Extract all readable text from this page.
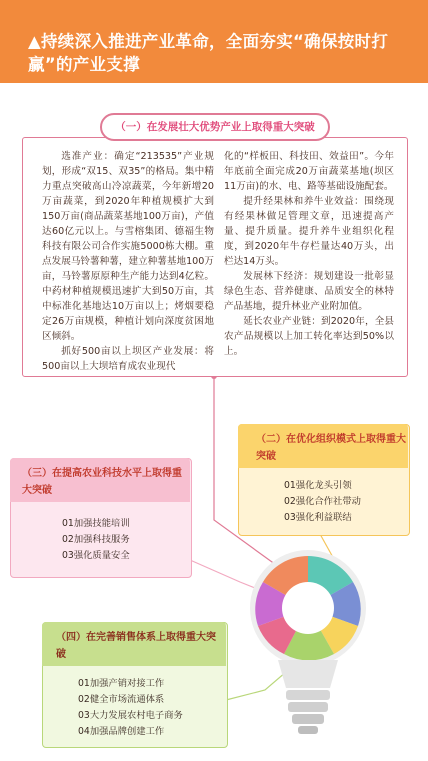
▲持续深入推进产业革命，全面夯实“确保按时打赢”的产业支撑
（一）在发展壮大优势产业上取得重大突破

选准产业：确定“213535”产业规划，形成“双15、双35”的格局。集中精力重点突破高山冷凉蔬菜，今年新增20万亩蔬菜，到2020年种植规模扩大到150万亩(商品蔬菜基地100万亩)，产值达60亿元以上。与雪榕集团、德福生物科技有限公司合作实施5000栋大棚。重点发展马铃薯种薯，建立种薯基地100万亩，马铃薯原原种生产能力达到4亿粒。中药材种植规模迅速扩大到50万亩，其中标准化基地达10万亩以上；烤烟要稳定26万亩规模，种植计划向深度贫困地区倾斜。

抓好500亩以上坝区产业发展：将500亩以上大坝培育成农业现代

化的“样板田、科技田、效益田”。今年年底前全面完成20万亩蔬菜基地(坝区11万亩)的水、电、路等基础设施配套。

提升经果林和养牛业效益：围绕现有经果林做足管理文章，迅速提高产量、提升质量。提升养牛业组织化程度，到2020年牛存栏量达40万头，出栏达14万头。

发展林下经济：规划建设一批彰显绿色生态、营养健康、品质安全的林特产品基地，提升林业产业附加值。

延长农业产业链：到2020年，全县农产品规模以上加工转化率达到50%以上。

（二）在优化组织模式上取得重大突破
01强化龙头引领
02强化合作社带动
03强化利益联结
（三）在提高农业科技水平上取得重大突破
01加强技能培训
02加强科技服务
03强化质量安全
（四）在完善销售体系上取得重大突破
01加强产销对接工作
02健全市场流通体系
03大力发展农村电子商务
04加强品牌创建工作
